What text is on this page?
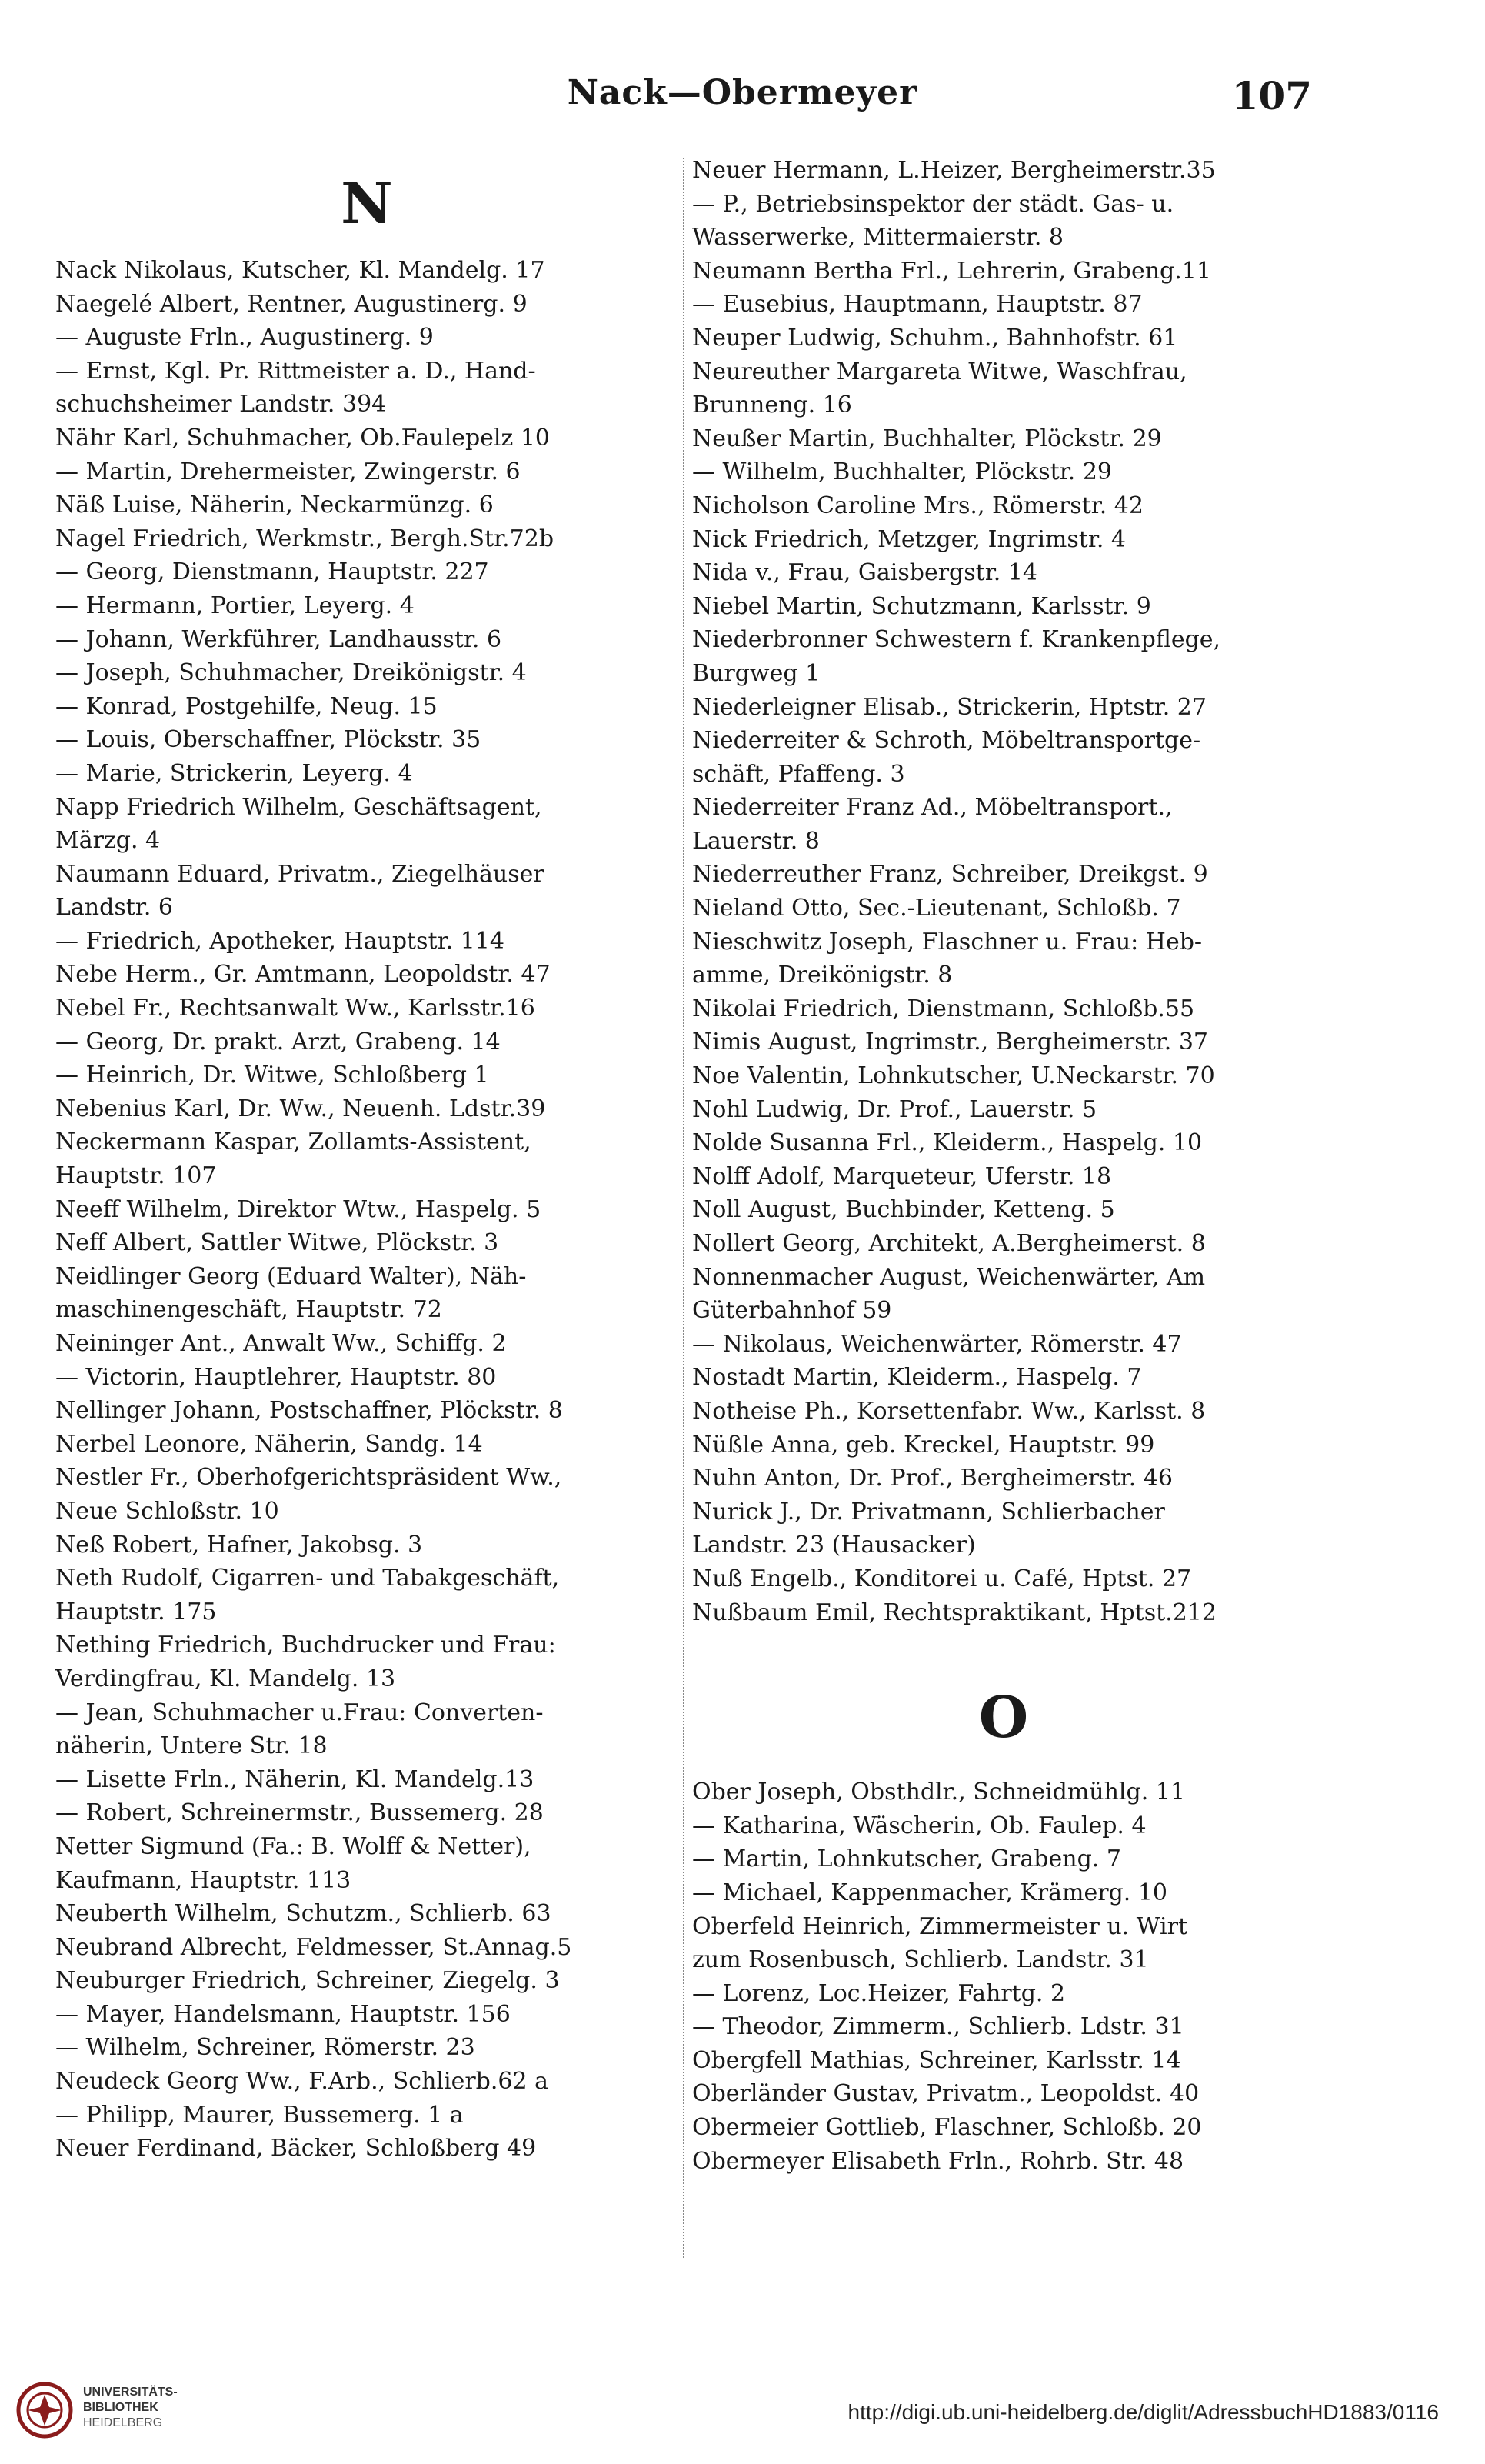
Nack—Obermeyer	107

N

Nack Nikolaus, Kutscher, Kl. Mandelg. 17

Naegelé Albert, Rentner, Augustinerg. 9

— Auguste Frln., Augustinerg. 9

— Ernst, Kgl. Pr. Rittmeister a. D., Hand-

schuchsheimer Landstr. 394

Nähr Karl, Schuhmacher, Ob.Faulepelz 10

— Martin, Drehermeister, Zwingerstr. 6

Näß Luise, Näherin, Neckarmünzg. 6

Nagel Friedrich, Werkmstr., Bergh.Str.72b

— Georg, Dienstmann, Hauptstr. 227

— Hermann, Portier, Leyerg. 4

— Johann, Werkführer, Landhausstr. 6

— Joseph, Schuhmacher, Dreikönigstr. 4

— Konrad, Postgehilfe, Neug. 15

— Louis, Oberschaffner, Plöckstr. 35

— Marie, Strickerin, Leyerg. 4

Napp Friedrich Wilhelm, Geschäftsagent,

Märzg. 4

Naumann Eduard, Privatm., Ziegelhäuser

Landstr. 6

— Friedrich, Apotheker, Hauptstr. 114

Nebe Herm., Gr. Amtmann, Leopoldstr. 47

Nebel Fr., Rechtsanwalt Ww., Karlsstr.16

— Georg, Dr. prakt. Arzt, Grabeng. 14

— Heinrich, Dr. Witwe, Schloßberg 1

Nebenius Karl, Dr. Ww., Neuenh. Ldstr.39

Neckermann Kaspar, Zollamts-Assistent,

Hauptstr. 107

Neeff Wilhelm, Direktor Wtw., Haspelg. 5

Neff Albert, Sattler Witwe, Plöckstr. 3

Neidlinger Georg (Eduard Walter), Näh-

maschinengeschäft, Hauptstr. 72

Neininger Ant., Anwalt Ww., Schiffg. 2

— Victorin, Hauptlehrer, Hauptstr. 80

Nellinger Johann, Postschaffner, Plöckstr. 8

Nerbel Leonore, Näherin, Sandg. 14

Nestler Fr., Oberhofgerichtspräsident Ww.,

Neue Schloßstr. 10

Neß Robert, Hafner, Jakobsg. 3

Neth Rudolf, Cigarren- und Tabakgeschäft,

Hauptstr. 175

Nething Friedrich, Buchdrucker und Frau:

Verdingfrau, Kl. Mandelg. 13

— Jean, Schuhmacher u.Frau: Converten-

näherin, Untere Str. 18

— Lisette Frln., Näherin, Kl. Mandelg.13

— Robert, Schreinermstr., Bussemerg. 28

Netter Sigmund (Fa.: B. Wolff & Netter),

Kaufmann, Hauptstr. 113

Neuberth Wilhelm, Schutzm., Schlierb. 63

Neubrand Albrecht, Feldmesser, St.Annag.5

Neuburger Friedrich, Schreiner, Ziegelg. 3

— Mayer, Handelsmann, Hauptstr. 156

— Wilhelm, Schreiner, Römerstr. 23

Neudeck Georg Ww., F.Arb., Schlierb.62 a

— Philipp, Maurer, Bussemerg. 1 a

Neuer Ferdinand, Bäcker, Schloßberg 49

Neuer Hermann, L.Heizer, Bergheimerstr.35

— P., Betriebsinspektor der städt. Gas- u.

Wasserwerke, Mittermaierstr. 8

Neumann Bertha Frl., Lehrerin, Grabeng.11

— Eusebius, Hauptmann, Hauptstr. 87

Neuper Ludwig, Schuhm., Bahnhofstr. 61

Neureuther Margareta Witwe, Waschfrau,

Brunneng. 16

Neußer Martin, Buchhalter, Plöckstr. 29

— Wilhelm, Buchhalter, Plöckstr. 29

Nicholson Caroline Mrs., Römerstr. 42

Nick Friedrich, Metzger, Ingrimstr. 4

Nida v., Frau, Gaisbergstr. 14

Niebel Martin, Schutzmann, Karlsstr. 9

Niederbronner Schwestern f. Krankenpflege,

Burgweg 1

Niederleigner Elisab., Strickerin, Hptstr. 27

Niederreiter & Schroth, Möbeltransportge-

schäft, Pfaffeng. 3

Niederreiter Franz Ad., Möbeltransport.,

Lauerstr. 8

Niederreuther Franz, Schreiber, Dreikgst. 9

Nieland Otto, Sec.-Lieutenant, Schloßb. 7

Nieschwitz Joseph, Flaschner u. Frau: Heb-

amme, Dreikönigstr. 8

Nikolai Friedrich, Dienstmann, Schloßb.55

Nimis August, Ingrimstr., Bergheimerstr. 37

Noe Valentin, Lohnkutscher, U.Neckarstr. 70

Nohl Ludwig, Dr. Prof., Lauerstr. 5

Nolde Susanna Frl., Kleiderm., Haspelg. 10

Nolff Adolf, Marqueteur, Uferstr. 18

Noll August, Buchbinder, Ketteng. 5

Nollert Georg, Architekt, A.Bergheimerst. 8

Nonnenmacher August, Weichenwärter, Am

Güterbahnhof 59

— Nikolaus, Weichenwärter, Römerstr. 47

Nostadt Martin, Kleiderm., Haspelg. 7

Notheise Ph., Korsettenfabr. Ww., Karlsst. 8

Nüßle Anna, geb. Kreckel, Hauptstr. 99

Nuhn Anton, Dr. Prof., Bergheimerstr. 46

Nurick J., Dr. Privatmann, Schlierbacher

Landstr. 23 (Hausacker)

Nuß Engelb., Konditorei u. Café, Hptst. 27

Nußbaum Emil, Rechtspraktikant, Hptst.212

O

Ober Joseph, Obsthdlr., Schneidmühlg. 11

— Katharina, Wäscherin, Ob. Faulep. 4

— Martin, Lohnkutscher, Grabeng. 7

— Michael, Kappenmacher, Krämerg. 10

Oberfeld Heinrich, Zimmermeister u. Wirt

zum Rosenbusch, Schlierb. Landstr. 31

— Lorenz, Loc.Heizer, Fahrtg. 2

— Theodor, Zimmerm., Schlierb. Ldstr. 31

Obergfell Mathias, Schreiner, Karlsstr. 14

Oberländer Gustav, Privatm., Leopoldst. 40

Obermeier Gottlieb, Flaschner, Schloßb. 20

Obermeyer Elisabeth Frln., Rohrb. Str. 48

UNIVERSITÄTS-
BIBLIOTHEK
HEIDELBERG	http://digi.ub.uni-heidelberg.de/diglit/AdressbuchHD1883/0116
